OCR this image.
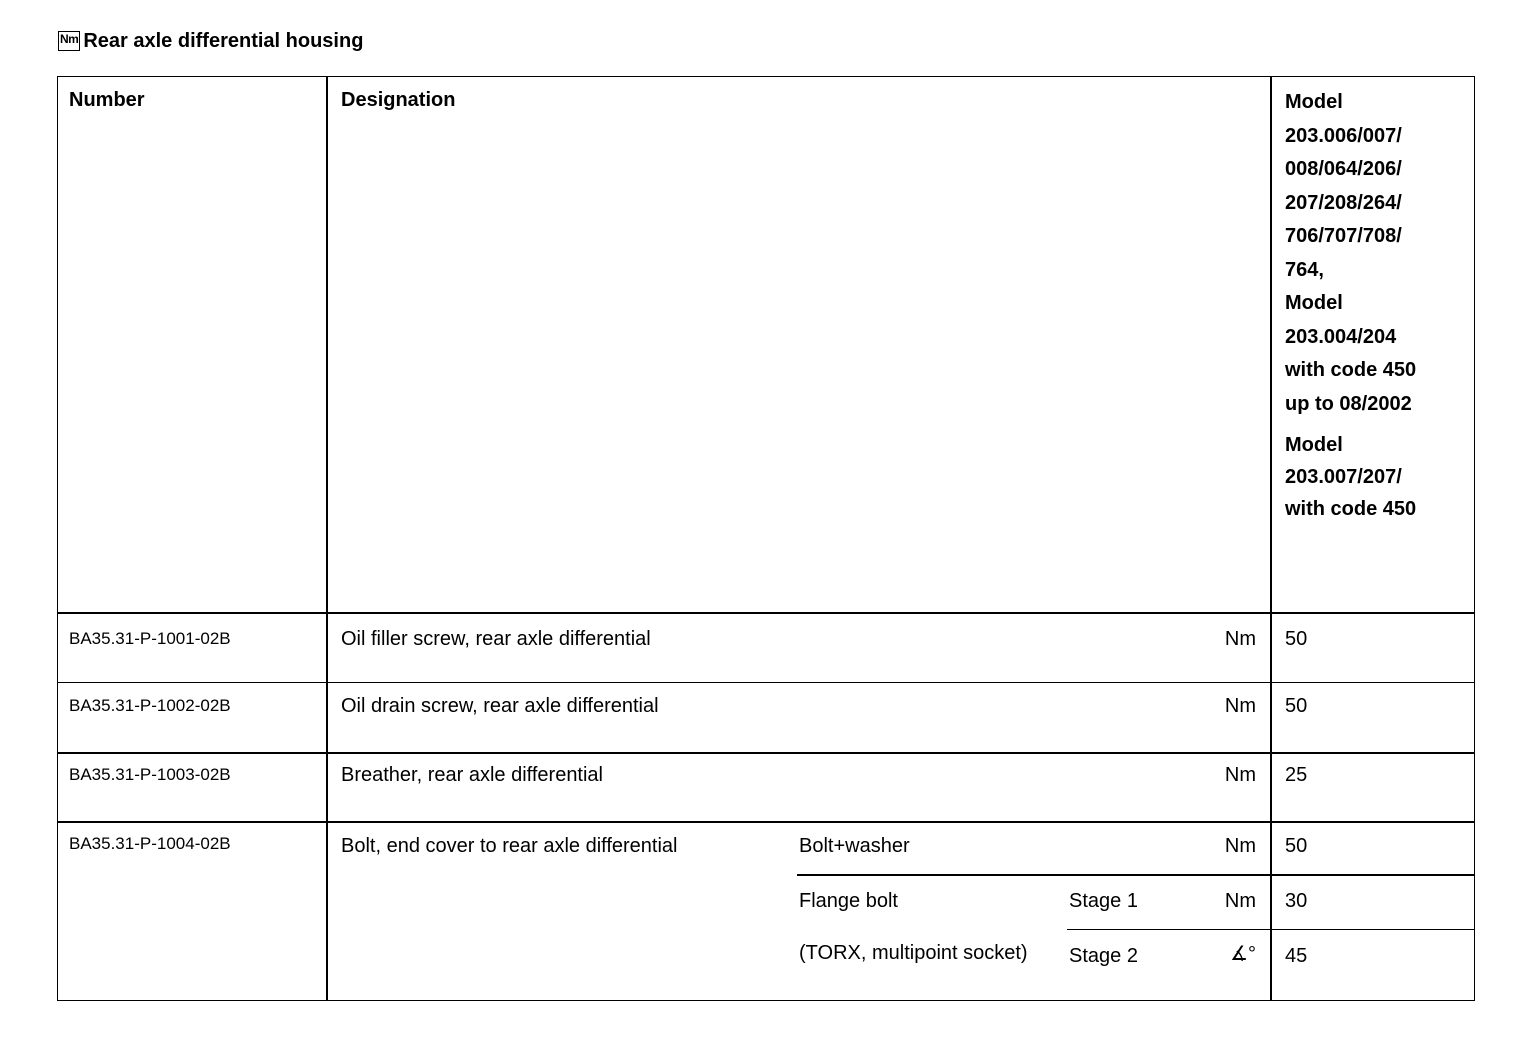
Nm Rear axle differential housing
Number	Designation	Model

203.006/007/

008/064/206/

207/208/264/

706/707/708/

764,

Model

203.004/204

with code 450

up to 08/2002

Model

203.007/207/

with code 450

BA35.31-P-1001-02B	Oil filler screw, rear axle differential	Nm 50
BA35.31-P-1002-02B	Oil drain screw, rear axle differential	Nm 50
BA35.31-P-1003-02B	Breather, rear axle differential	Nm 25
BA35.31-P-1004-02B	Bolt, end cover to rear axle differential	Bolt+washer	Nm 50
Flange bolt	Stage 1	Nm 30
(TORX, multipoint socket) Stage 2	∡° 45
